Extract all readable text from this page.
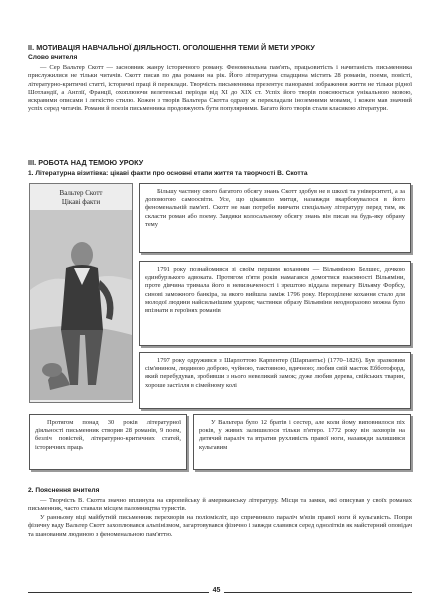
II. МОТИВАЦІЯ НАВЧАЛЬНОЇ ДІЯЛЬНОСТІ. ОГОЛОШЕННЯ ТЕМИ Й МЕТИ УРОКУ
Слово вчителя
— Сер Вальтер Скотт — засновник жанру історичного роману. Феноменальна пам'ять, працьовитість і начитаність письменника прислужилися не тільки читачів. Скотт писав по два романи на рік. Його літературна спадщина містить 28 романів, поеми, повісті, літературно-критичні статті, історичні праці й переклади. Творчість письменника презентує панорамні зображення життя не тільки рідної Шотландії, а Англії, Франції, охоплюючи велетенські періоди від XI до XIX ст. Успіх його творів пояснюється унікальною мовою, яскравими описами і легкістю стилю. Кожен з творів Вальтера Скотта одразу ж перекладали іноземними мовами, і кожен мав значний успіх серед читачів. Романи й поезія письменника продовжують бути популярними. Багато його творів стали класикою літератури.
III. РОБОТА НАД ТЕМОЮ УРОКУ
1. Літературна візитівка: цікаві факти про основні етапи життя та творчості В. Скотта
Вальтер Скотт
Цікаві факти
Більшу частину свого багатого обсягу знань Скотт здобув не в школі та університеті, а за допомогою самоосвіти. Усе, що цікавило митця, назавжди вкарбовувалося в його феноменальній пам'яті. Скотт не мав потреби вивчати спеціальну літературу перед тим, як скласти роман або поему. Завдяки колосальному обсягу знань він писав на будь-яку обрану тему
1791 року познайомився зі своїм першим коханням — Вільяміною Белшес, дочкою единбурзького адвоката. Протягом п'яти років намагався домогтися взаємності Вільяміни, проте дівчина тримала його в невизначеності і зрештою віддала перевагу Вільяму Форбсу, синові заможного банкіра, за якого вийшла заміж 1796 року. Нерозділене кохання стало для молодої людини найсильнішим ударом; частинки образу Вільяміни неодноразово можна було впізнати в героїнях романів
1797 року одружився з Шарлоттою Карпентер (Шарпантьє) (1770–1826). Був зразковим сім'янином, людиною доброю, чуйною, тактовною, вдячною; любив свій маєток Ебботофорд, який перебудував, зробивши з нього невеликий замок; дуже любив дерева, свійських тварин, хороше застілля в сімейному колі
Протягом понад 30 років літературної діяльності письменник створив 28 романів, 9 поем, безліч повістей, літературно-критичних статей, історичних праць
У Вальтера було 12 братів і сестер, але коли йому виповнилося піх років, у живих залишилося тільки п'ятеро. 1772 року він захворів на дитячий параліч та втратив рухливість правої ноги, назавжди залишився кульгавим
2. Пояснення вчителя
— Творчість В. Скотта значно вплинула на європейську й американську літературу. Місця та замки, які описував у своїх романах письменник, часто ставали місцем паломництва туристів.
У ранньому віці майбутній письменник перехворів на поліомієліт, що спричинило параліч м'язів правої ноги й кульгавість. Попри фізичну ваду Вальтер Скотт захоплювався альпінізмом, загартовувався фізично і завжди славився серед однолітків як майстерний оповідач та шанованим людиною з феноменальною пам'яттю.
45
